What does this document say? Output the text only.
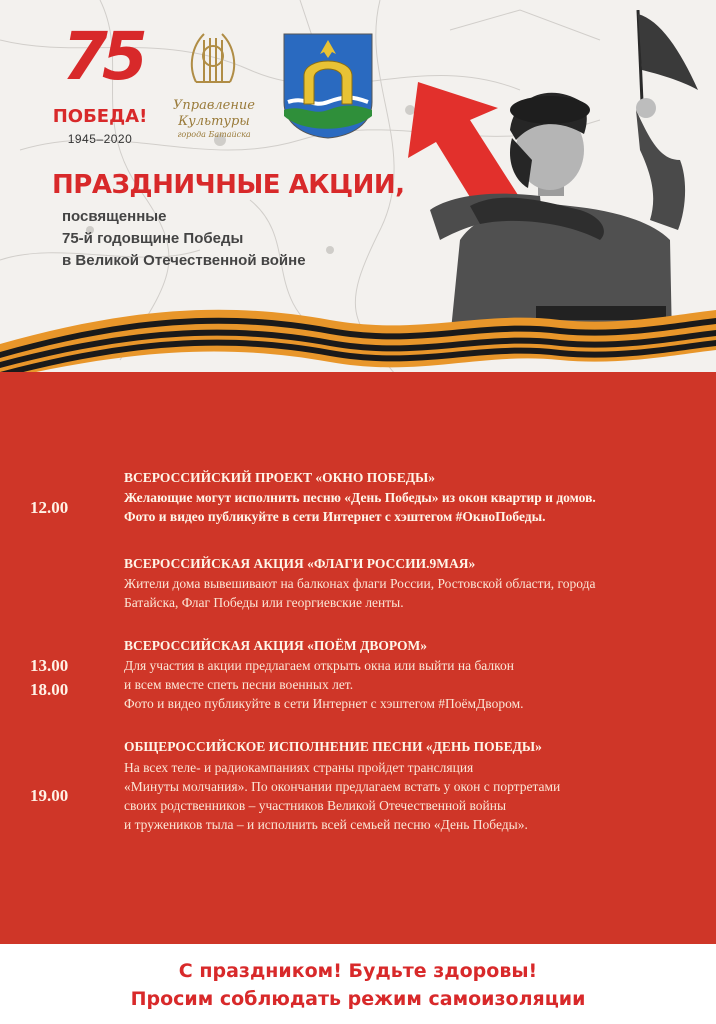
75
ПОБЕДА!
1945–2020
Управление
Культуры
города Батайска
ПРАЗДНИЧНЫЕ АКЦИИ,
посвященные
75-й годовщине Победы
в Великой Отечественной войне
12.00
ВСЕРОССИЙСКИЙ ПРОЕКТ «ОКНО ПОБЕДЫ»
Желающие могут исполнить песню «День Победы» из окон квартир и домов.
Фото и видео публикуйте в сети Интернет с хэштегом #ОкноПобеды.
ВСЕРОССИЙСКАЯ АКЦИЯ «ФЛАГИ РОССИИ.9МАЯ»
Жители дома вывешивают на балконах флаги России, Ростовской области, города
Батайска, Флаг Победы или георгиевские ленты.
13.00
18.00
ВСЕРОССИЙСКАЯ АКЦИЯ «ПОЁМ ДВОРОМ»
Для участия в акции предлагаем открыть окна или выйти на балкон
и всем вместе спеть песни военных лет.
Фото и видео публикуйте в сети Интернет с хэштегом #ПоёмДвором.
19.00
ОБЩЕРОССИЙСКОЕ ИСПОЛНЕНИЕ ПЕСНИ «ДЕНЬ ПОБЕДЫ»
На всех теле- и радиокампаниях страны пройдет трансляция
«Минуты молчания». По окончании предлагаем встать у окон с портретами
своих родственников – участников Великой Отечественной войны
и тружеников тыла – и исполнить всей семьей песню «День Победы».
С праздником! Будьте здоровы!
Просим соблюдать режим самоизоляции
